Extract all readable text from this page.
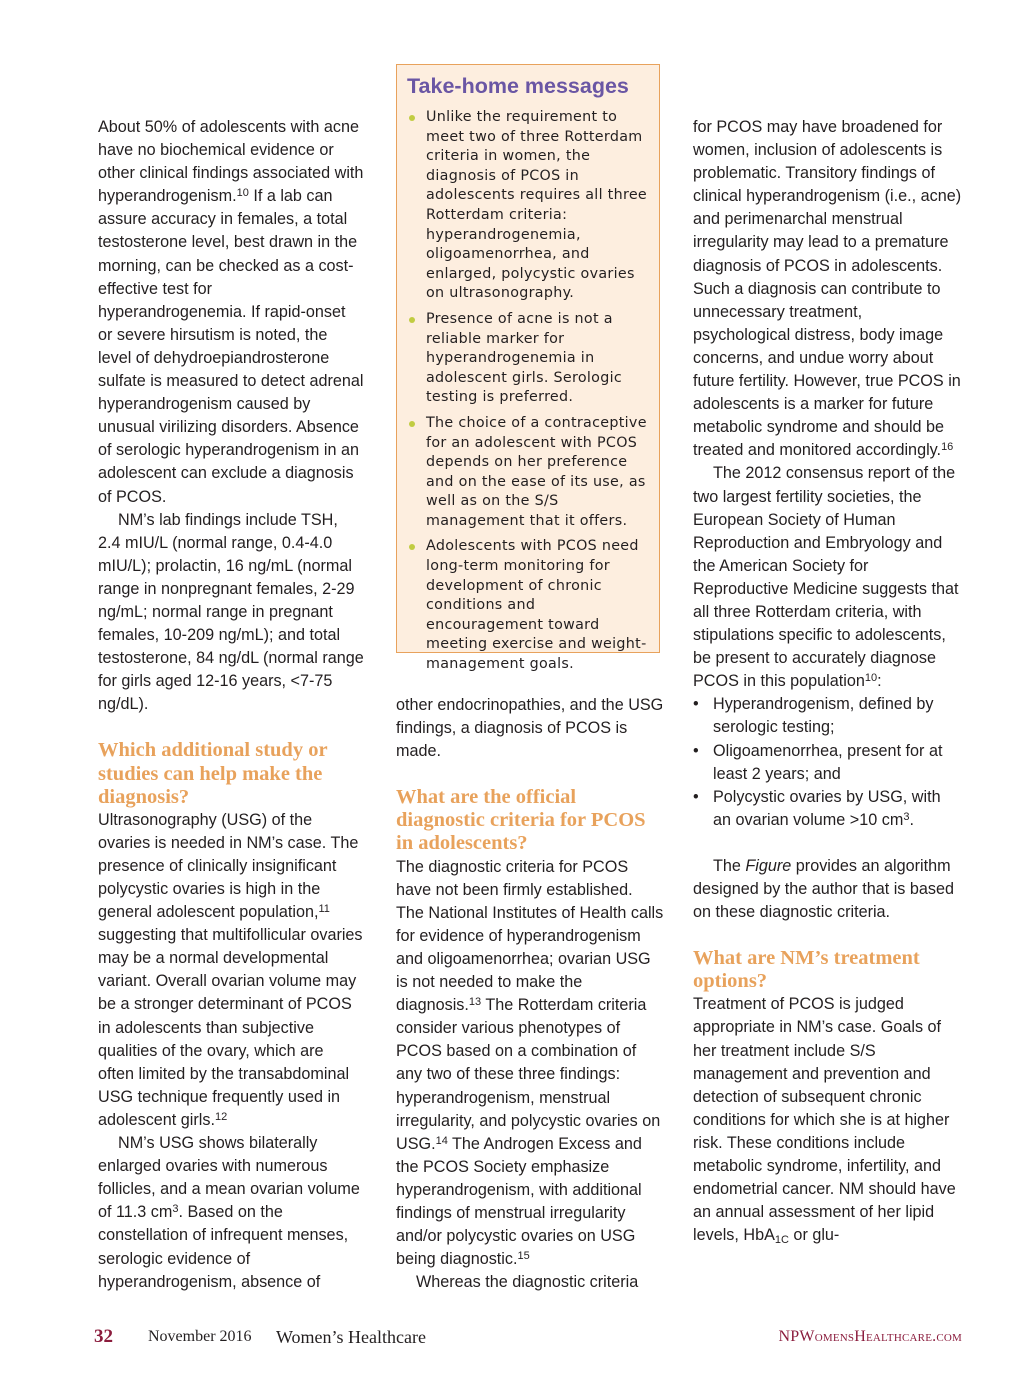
Take-home messages
Unlike the requirement to meet two of three Rotterdam criteria in women, the diagnosis of PCOS in adolescents requires all three Rotterdam criteria: hyperandrogenemia, oligoamenorrhea, and enlarged, polycystic ovaries on ultrasonography.
Presence of acne is not a reliable marker for hyperandrogenemia in adolescent girls. Serologic testing is preferred.
The choice of a contraceptive for an adolescent with PCOS depends on her preference and on the ease of its use, as well as on the S/S management that it offers.
Adolescents with PCOS need long-term monitoring for development of chronic conditions and encouragement toward meeting exercise and weight-management goals.

About 50% of adolescents with acne have no biochemical evidence or other clinical findings associated with hyperandrogenism.$^{10}$ If a lab can assure accuracy in females, a total testosterone level, best drawn in the morning, can be checked as a cost-effective test for hyperandrogenemia. If rapid-onset or severe hirsutism is noted, the level of dehydroepiandrosterone sulfate is measured to detect adrenal hyperandrogenism caused by unusual virilizing disorders. Absence of serologic hyperandrogenism in an adolescent can exclude a diagnosis of PCOS.

NM’s lab findings include TSH, 2.4 mIU/L (normal range, 0.4-4.0 mIU/L); prolactin, 16 ng/mL (normal range in nonpregnant females, 2-29 ng/mL; normal range in pregnant females, 10-209 ng/mL); and total testosterone, 84 ng/dL (normal range for girls aged 12-16 years, <7-75 ng/dL).

Which additional study or studies can help make the diagnosis?

Ultrasonography (USG) of the ovaries is needed in NM’s case. The presence of clinically insignificant polycystic ovaries is high in the general adolescent population,$^{11}$ suggesting that multifollicular ovaries may be a normal developmental variant. Overall ovarian volume may be a stronger determinant of PCOS in adolescents than subjective qualities of the ovary, which are often limited by the transabdominal USG technique frequently used in adolescent girls.$^{12}$

NM’s USG shows bilaterally enlarged ovaries with numerous follicles, and a mean ovarian volume of 11.3 $cm^3$. Based on the constellation of infrequent menses, serologic evidence of hyperandrogenism, absence of

other endocrinopathies, and the USG findings, a diagnosis of PCOS is made.

What are the official diagnostic criteria for PCOS in adolescents?

The diagnostic criteria for PCOS have not been firmly established. The National Institutes of Health calls for evidence of hyperandrogenism and oligoamenorrhea; ovarian USG is not needed to make the diagnosis.$^{13}$ The Rotterdam criteria consider various phenotypes of PCOS based on a combination of any two of these three findings: hyperandrogenism, menstrual irregularity, and polycystic ovaries on USG.$^{14}$ The Androgen Excess and the PCOS Society emphasize hyperandrogenism, with additional findings of menstrual irregularity and/or polycystic ovaries on USG being diagnostic.$^{15}$

Whereas the diagnostic criteria

for PCOS may have broadened for women, inclusion of adolescents is problematic. Transitory findings of clinical hyperandrogenism (i.e., acne) and perimenarchal menstrual irregularity may lead to a premature diagnosis of PCOS in adolescents. Such a diagnosis can contribute to unnecessary treatment, psychological distress, body image concerns, and undue worry about future fertility. However, true PCOS in adolescents is a marker for future metabolic syndrome and should be treated and monitored accordingly.$^{16}$

The 2012 consensus report of the two largest fertility societies, the European Society of Human Reproduction and Embryology and the American Society for Reproductive Medicine suggests that all three Rotterdam criteria, with stipulations specific to adolescents, be present to accurately diagnose PCOS in this population$^{10}$:

• Hyperandrogenism, defined by serologic testing;
• Oligoamenorrhea, present for at least 2 years; and
• Polycystic ovaries by USG, with an ovarian volume >10 $cm^3$.

The Figure provides an algorithm designed by the author that is based on these diagnostic criteria.

What are NM’s treatment options?

Treatment of PCOS is judged appropriate in NM’s case. Goals of her treatment include S/S management and prevention and detection of subsequent chronic conditions for which she is at higher risk. These conditions include metabolic syndrome, infertility, and endometrial cancer. NM should have an annual assessment of her lipid levels, HbA$_{1C}$ or glu-

32 November 2016 Women’s Healthcare	NPWomensHealthcare.com
